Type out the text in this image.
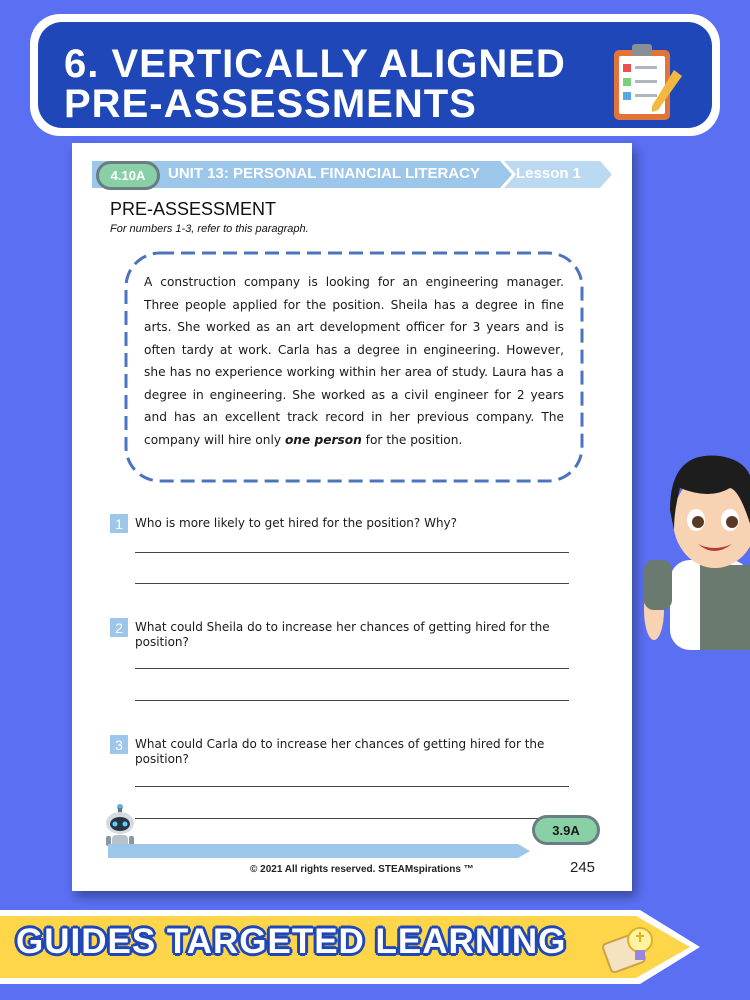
6. VERTICALLY ALIGNED
PRE-ASSESSMENTS
4.10A	UNIT 13: PERSONAL FINANCIAL LITERACY Lesson 1
PRE-ASSESSMENT
For numbers 1-3, refer to this paragraph.
A construction company is looking for an engineering manager. Three people applied for the position. Sheila has a degree in fine arts. She worked as an art development officer for 3 years and is often tardy at work. Carla has a degree in engineering. However, she has no experience working within her area of study. Laura has a degree in engineering. She worked as a civil engineer for 2 years and has an excellent track record in her previous company. The company will hire only one person for the position.
1	Who is more likely to get hired for the position? Why?
2	What could Sheila do to increase her chances of getting hired for the position?
3	What could Carla do to increase her chances of getting hired for the position?
3.9A
© 2021 All rights reserved. STEAMspirations ™	245
GUIDES TARGETED LEARNING
